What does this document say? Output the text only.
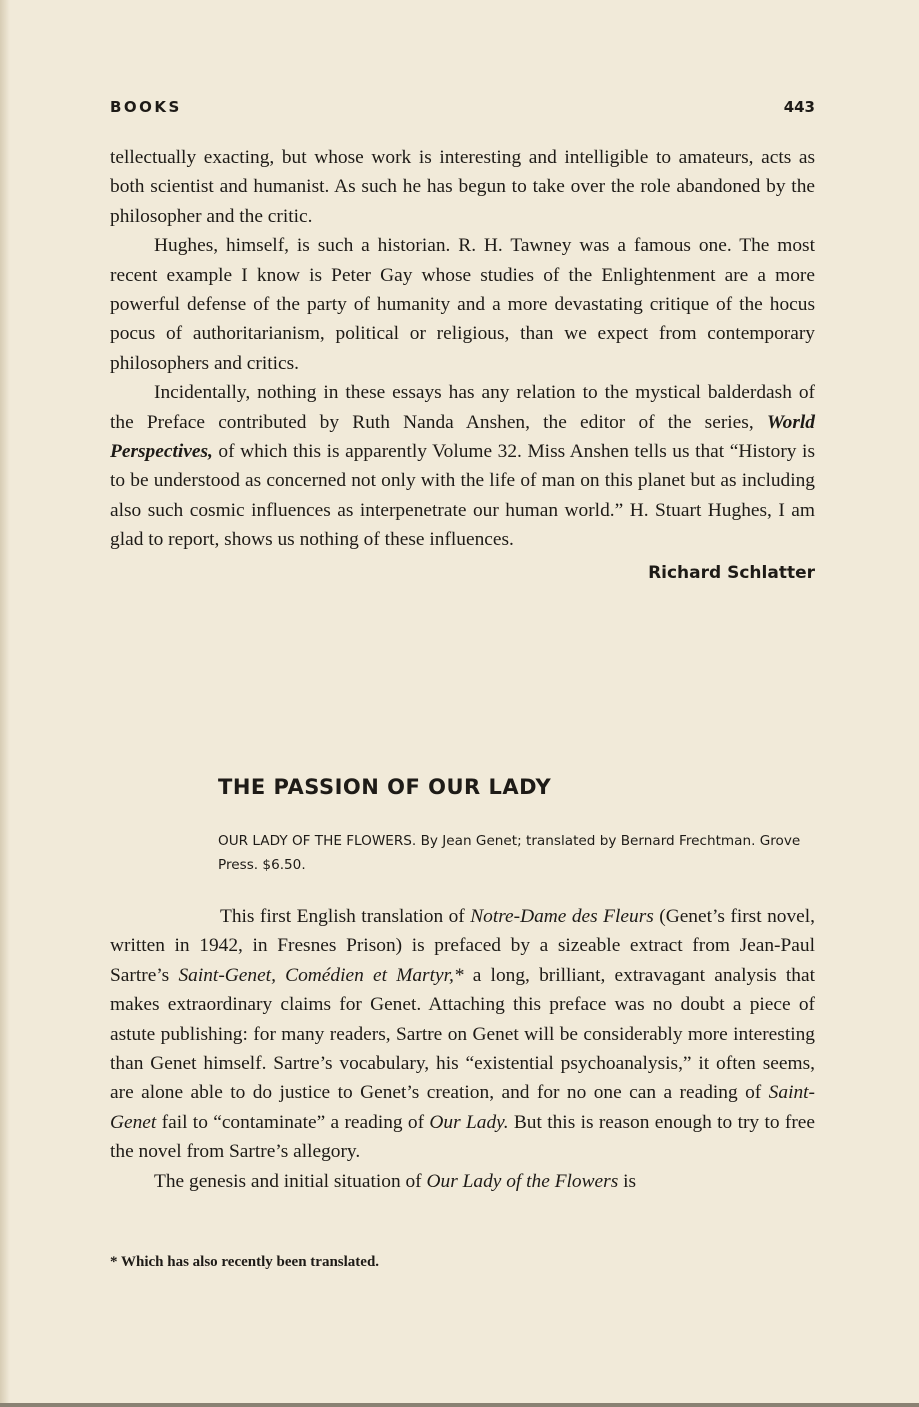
BOOKS	443

tellectually exacting, but whose work is interesting and intelligible to amateurs, acts as both scientist and humanist. As such he has begun to take over the role abandoned by the philosopher and the critic.

Hughes, himself, is such a historian. R. H. Tawney was a famous one. The most recent example I know is Peter Gay whose studies of the Enlightenment are a more powerful defense of the party of humanity and a more devastating critique of the hocus pocus of authoritarianism, political or religious, than we expect from contemporary philosophers and critics.

Incidentally, nothing in these essays has any relation to the mystical balderdash of the Preface contributed by Ruth Nanda Anshen, the editor of the series, World Perspectives, of which this is apparently Volume 32. Miss Anshen tells us that “History is to be understood as concerned not only with the life of man on this planet but as including also such cosmic influences as interpenetrate our human world.” H. Stuart Hughes, I am glad to report, shows us nothing of these influences.

Richard Schlatter
THE PASSION OF OUR LADY
OUR LADY OF THE FLOWERS. By Jean Genet; translated by Bernard Frechtman. Grove Press. $6.50.

This first English translation of Notre-Dame des Fleurs (Genet’s first novel, written in 1942, in Fresnes Prison) is prefaced by a sizeable extract from Jean-Paul Sartre’s Saint-Genet, Comédien et Martyr,* a long, brilliant, extravagant analysis that makes extraordinary claims for Genet. Attaching this preface was no doubt a piece of astute publishing: for many readers, Sartre on Genet will be considerably more interesting than Genet himself. Sartre’s vocabulary, his “existential psychoanalysis,” it often seems, are alone able to do justice to Genet’s creation, and for no one can a reading of Saint-Genet fail to “contaminate” a reading of Our Lady. But this is reason enough to try to free the novel from Sartre’s allegory.

The genesis and initial situation of Our Lady of the Flowers is

* Which has also recently been translated.
